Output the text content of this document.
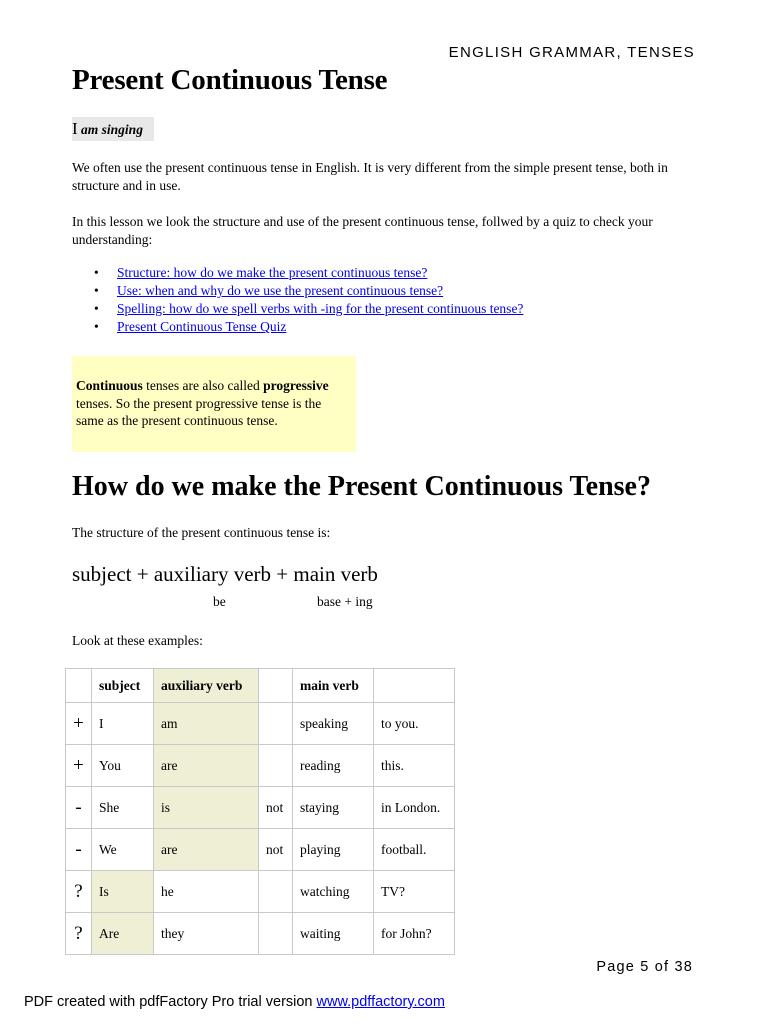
ENGLISH GRAMMAR, TENSES
Present Continuous Tense
I am singing

We often use the present continuous tense in English. It is very different from the simple present tense, both in structure and in use.

In this lesson we look the structure and use of the present continuous tense, follwed by a quiz to check your understanding:

• Structure: how do we make the present continuous tense?
• Use: when and why do we use the present continuous tense?
• Spelling: how do we spell verbs with -ing for the present continuous tense?
• Present Continuous Tense Quiz

Continuous tenses are also called progressive tenses. So the present progressive tense is the same as the present continuous tense.

How do we make the Present Continuous Tense?

The structure of the present continuous tense is:

subject + auxiliary verb + main verb
be	base + ing

Look at these examples:

	subject	auxiliary verb		main verb	
+	I	am		speaking	to you.
+	You	are		reading	this.
-	She	is	not	staying	in London.
-	We	are	not	playing	football.
?	Is	he		watching	TV?
?	Are	they		waiting	for John?
Page 5 of 38
PDF created with pdfFactory Pro trial version www.pdffactory.com
